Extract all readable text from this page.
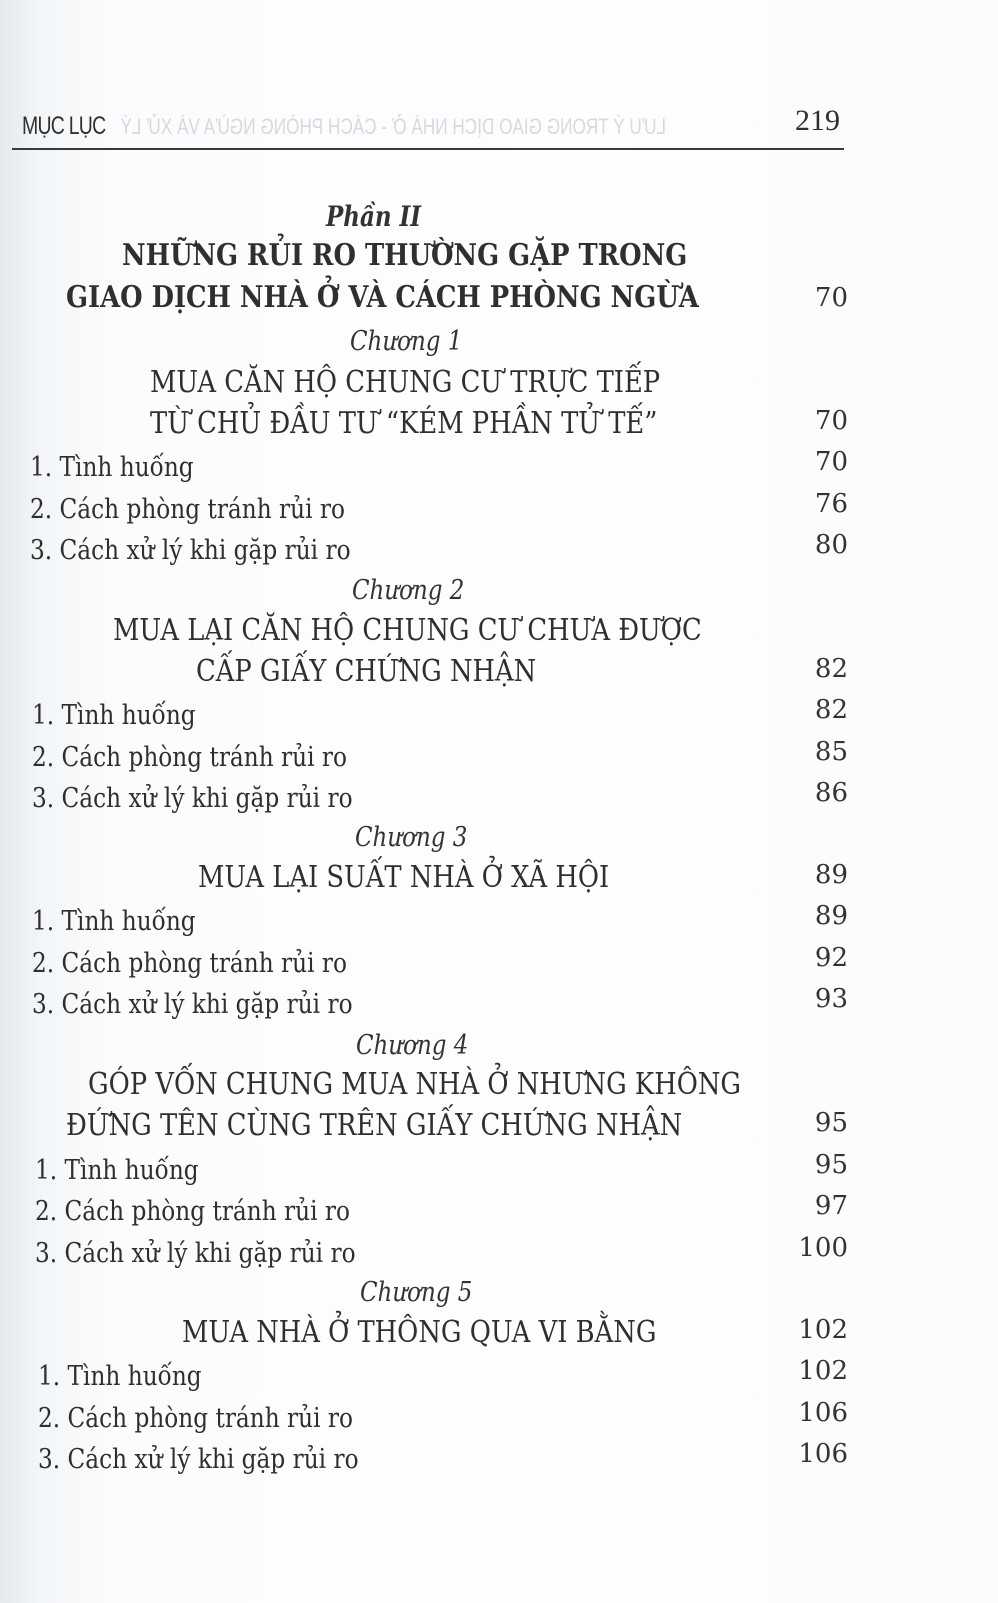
LƯU Ý TRONG GIAO DỊCH NHÀ Ở - CÁCH PHÒNG NGỪA VÀ XỬ LÝ
MỤC LỤC	219
Phần II
NHỮNG RỦI RO THƯỜNG GẶP TRONG
GIAO DỊCH NHÀ Ở VÀ CÁCH PHÒNG NGỪA	70
Chương 1
MUA CĂN HỘ CHUNG CƯ TRỰC TIẾP
TỪ CHỦ ĐẦU TƯ “KÉM PHẦN TỬ TẾ”	70
1. Tình huống	70
2. Cách phòng tránh rủi ro	76
3. Cách xử lý khi gặp rủi ro	80
Chương 2
MUA LẠI CĂN HỘ CHUNG CƯ CHƯA ĐƯỢC
CẤP GIẤY CHỨNG NHẬN	82
1. Tình huống	82
2. Cách phòng tránh rủi ro	85
3. Cách xử lý khi gặp rủi ro	86
Chương 3
MUA LẠI SUẤT NHÀ Ở XÃ HỘI	89
1. Tình huống	89
2. Cách phòng tránh rủi ro	92
3. Cách xử lý khi gặp rủi ro	93
Chương 4
GÓP VỐN CHUNG MUA NHÀ Ở NHƯNG KHÔNG
ĐỨNG TÊN CÙNG TRÊN GIẤY CHỨNG NHẬN	95
1. Tình huống	95
2. Cách phòng tránh rủi ro	97
3. Cách xử lý khi gặp rủi ro	100
Chương 5
MUA NHÀ Ở THÔNG QUA VI BẰNG	102
1. Tình huống	102
2. Cách phòng tránh rủi ro	106
3. Cách xử lý khi gặp rủi ro	106
